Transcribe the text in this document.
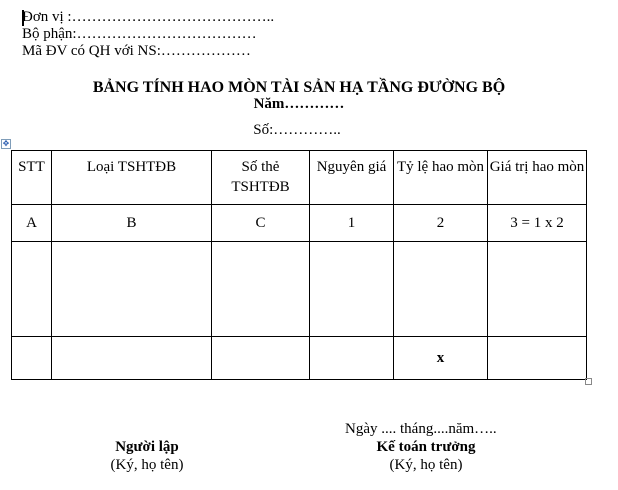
Đơn vị :…………………………………..
Bộ phận:………………………………
Mã ĐV có QH với NS:………………
BẢNG TÍNH HAO MÒN TÀI SẢN HẠ TẦNG ĐƯỜNG BỘ
Năm…………
Số:…………..
✥
STT	Loại TSHTĐB	Số thẻ TSHTĐB	Nguyên giá	Tỷ lệ hao mòn	Giá trị hao mòn
A	B	C	1	2	3 = 1 x 2

				x	
Ngày .... tháng....năm…..
Người lập
(Ký, họ tên)
Kế toán trưởng
(Ký, họ tên)
